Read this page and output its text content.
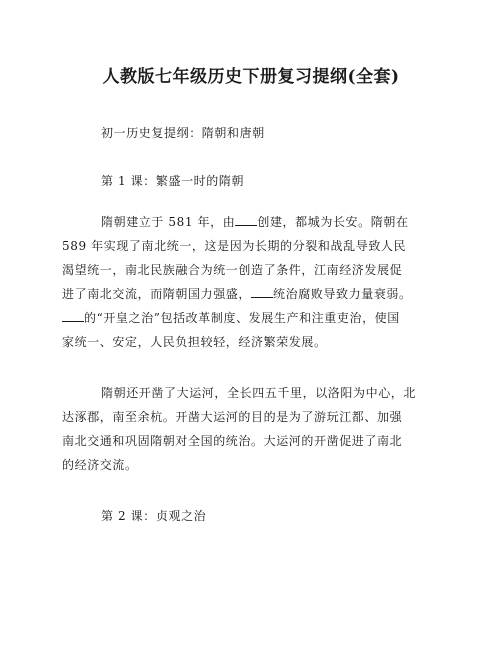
人教版七年级历史下册复习提纲(全套)
初一历史复提纲：隋朝和唐朝
第 1 课：繁盛一时的隋朝
隋朝建立于 581 年，由 创建，都城为长安。隋朝在
589 年实现了南北统一，这是因为长期的分裂和战乱导致人民
渴望统一，南北民族融合为统一创造了条件，江南经济发展促
进了南北交流，而隋朝国力强盛， 统治腐败导致力量衰弱。
的“开皇之治”包括改革制度、发展生产和注重吏治，使国
家统一、安定，人民负担较轻，经济繁荣发展。
隋朝还开凿了大运河，全长四五千里，以洛阳为中心，北
达涿郡，南至余杭。开凿大运河的目的是为了游玩江都、加强
南北交通和巩固隋朝对全国的统治。大运河的开凿促进了南北
的经济交流。
第 2 课：贞观之治
